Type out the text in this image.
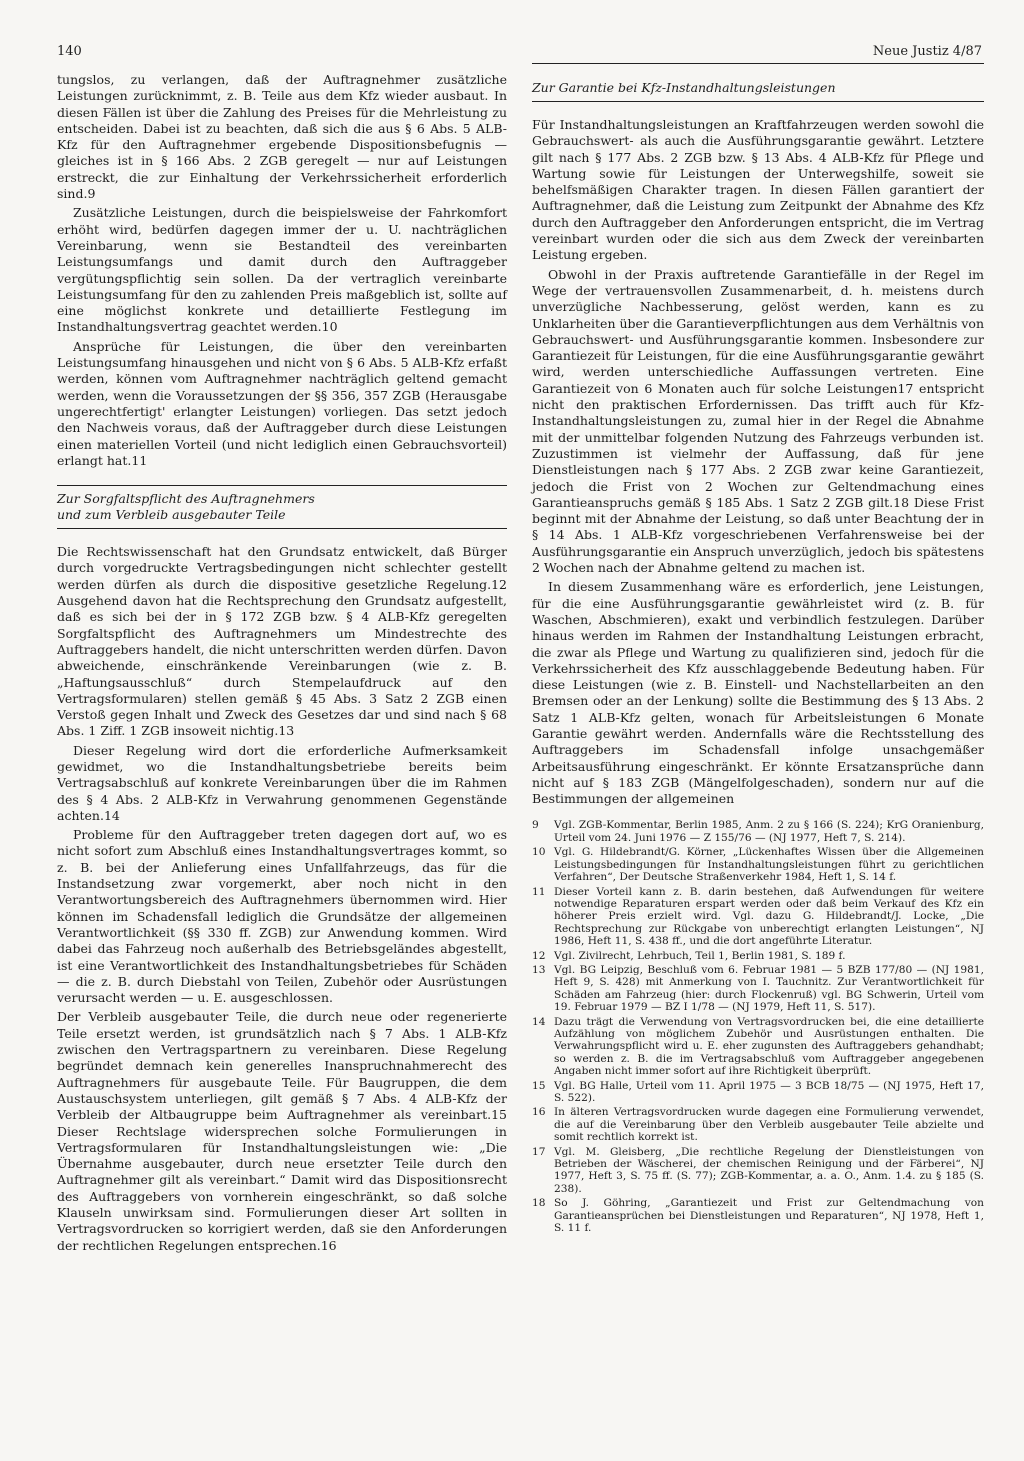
140	Neue Justiz 4/87

tungslos, zu verlangen, daß der Auftragnehmer zusätzliche Leistungen zurücknimmt, z. B. Teile aus dem Kfz wieder ausbaut. In diesen Fällen ist über die Zahlung des Preises für die Mehrleistung zu entscheiden. Dabei ist zu beachten, daß sich die aus § 6 Abs. 5 ALB-Kfz für den Auftragnehmer ergebende Dispositionsbefugnis — gleiches ist in § 166 Abs. 2 ZGB geregelt — nur auf Leistungen erstreckt, die zur Einhaltung der Verkehrssicherheit erforderlich sind.9

Zusätzliche Leistungen, durch die beispielsweise der Fahrkomfort erhöht wird, bedürfen dagegen immer der u. U. nachträglichen Vereinbarung, wenn sie Bestandteil des vereinbarten Leistungsumfangs und damit durch den Auftraggeber vergütungspflichtig sein sollen. Da der vertraglich vereinbarte Leistungsumfang für den zu zahlenden Preis maßgeblich ist, sollte auf eine möglichst konkrete und detaillierte Festlegung im Instandhaltungsvertrag geachtet werden.10

Ansprüche für Leistungen, die über den vereinbarten Leistungsumfang hinausgehen und nicht von § 6 Abs. 5 ALB-Kfz erfaßt werden, können vom Auftragnehmer nachträglich geltend gemacht werden, wenn die Voraussetzungen der §§ 356, 357 ZGB (Herausgabe ungerechtfertigt' erlangter Leistungen) vorliegen. Das setzt jedoch den Nachweis voraus, daß der Auftraggeber durch diese Leistungen einen materiellen Vorteil (und nicht lediglich einen Gebrauchsvorteil) erlangt hat.11

Zur Sorgfaltspflicht des Auftragnehmers
und zum Verbleib ausgebauter Teile

Die Rechtswissenschaft hat den Grundsatz entwickelt, daß Bürger durch vorgedruckte Vertragsbedingungen nicht schlechter gestellt werden dürfen als durch die dispositive gesetzliche Regelung.12 Ausgehend davon hat die Rechtsprechung den Grundsatz aufgestellt, daß es sich bei der in § 172 ZGB bzw. § 4 ALB-Kfz geregelten Sorgfaltspflicht des Auftragnehmers um Mindestrechte des Auftraggebers handelt, die nicht unterschritten werden dürfen. Davon abweichende, einschränkende Vereinbarungen (wie z. B. „Haftungsausschluß“ durch Stempelaufdruck auf den Vertragsformularen) stellen gemäß § 45 Abs. 3 Satz 2 ZGB einen Verstoß gegen Inhalt und Zweck des Gesetzes dar und sind nach § 68 Abs. 1 Ziff. 1 ZGB insoweit nichtig.13

Dieser Regelung wird dort die erforderliche Aufmerksamkeit gewidmet, wo die Instandhaltungsbetriebe bereits beim Vertragsabschluß auf konkrete Vereinbarungen über die im Rahmen des § 4 Abs. 2 ALB-Kfz in Verwahrung genommenen Gegenstände achten.14

Probleme für den Auftraggeber treten dagegen dort auf, wo es nicht sofort zum Abschluß eines Instandhaltungsvertrages kommt, so z. B. bei der Anlieferung eines Unfallfahrzeugs, das für die Instandsetzung zwar vorgemerkt, aber noch nicht in den Verantwortungsbereich des Auftragnehmers übernommen wird. Hier können im Schadensfall lediglich die Grundsätze der allgemeinen Verantwortlichkeit (§§ 330 ff. ZGB) zur Anwendung kommen. Wird dabei das Fahrzeug noch außerhalb des Betriebsgeländes abgestellt, ist eine Verantwortlichkeit des Instandhaltungsbetriebes für Schäden — die z. B. durch Diebstahl von Teilen, Zubehör oder Ausrüstungen verursacht werden — u. E. ausgeschlossen.

Der Verbleib ausgebauter Teile, die durch neue oder regenerierte Teile ersetzt werden, ist grundsätzlich nach § 7 Abs. 1 ALB-Kfz zwischen den Vertragspartnern zu vereinbaren. Diese Regelung begründet demnach kein generelles Inanspruchnahmerecht des Auftragnehmers für ausgebaute Teile. Für Baugruppen, die dem Austauschsystem unterliegen, gilt gemäß § 7 Abs. 4 ALB-Kfz der Verbleib der Altbaugruppe beim Auftragnehmer als vereinbart.15 Dieser Rechtslage widersprechen solche Formulierungen in Vertragsformularen für Instandhaltungsleistungen wie: „Die Übernahme ausgebauter, durch neue ersetzter Teile durch den Auftragnehmer gilt als vereinbart.“ Damit wird das Dispositionsrecht des Auftraggebers von vornherein eingeschränkt, so daß solche Klauseln unwirksam sind. Formulierungen dieser Art sollten in Vertragsvordrucken so korrigiert werden, daß sie den Anforderungen der rechtlichen Regelungen entsprechen.16

Zur Garantie bei Kfz-Instandhaltungsleistungen

Für Instandhaltungsleistungen an Kraftfahrzeugen werden sowohl die Gebrauchswert- als auch die Ausführungsgarantie gewährt. Letztere gilt nach § 177 Abs. 2 ZGB bzw. § 13 Abs. 4 ALB-Kfz für Pflege und Wartung sowie für Leistungen der Unterwegshilfe, soweit sie behelfsmäßigen Charakter tragen. In diesen Fällen garantiert der Auftragnehmer, daß die Leistung zum Zeitpunkt der Abnahme des Kfz durch den Auftraggeber den Anforderungen entspricht, die im Vertrag vereinbart wurden oder die sich aus dem Zweck der vereinbarten Leistung ergeben.

Obwohl in der Praxis auftretende Garantiefälle in der Regel im Wege der vertrauensvollen Zusammenarbeit, d. h. meistens durch unverzügliche Nachbesserung, gelöst werden, kann es zu Unklarheiten über die Garantieverpflichtungen aus dem Verhältnis von Gebrauchswert- und Ausführungsgarantie kommen. Insbesondere zur Garantiezeit für Leistungen, für die eine Ausführungsgarantie gewährt wird, werden unterschiedliche Auffassungen vertreten. Eine Garantiezeit von 6 Monaten auch für solche Leistungen17 entspricht nicht den praktischen Erfordernissen. Das trifft auch für Kfz-Instandhaltungsleistungen zu, zumal hier in der Regel die Abnahme mit der unmittelbar folgenden Nutzung des Fahrzeugs verbunden ist. Zuzustimmen ist vielmehr der Auffassung, daß für jene Dienstleistungen nach § 177 Abs. 2 ZGB zwar keine Garantiezeit, jedoch die Frist von 2 Wochen zur Geltendmachung eines Garantieanspruchs gemäß § 185 Abs. 1 Satz 2 ZGB gilt.18 Diese Frist beginnt mit der Abnahme der Leistung, so daß unter Beachtung der in § 14 Abs. 1 ALB-Kfz vorgeschriebenen Verfahrensweise bei der Ausführungsgarantie ein Anspruch unverzüglich, jedoch bis spätestens 2 Wochen nach der Abnahme geltend zu machen ist.

In diesem Zusammenhang wäre es erforderlich, jene Leistungen, für die eine Ausführungsgarantie gewährleistet wird (z. B. für Waschen, Abschmieren), exakt und verbindlich festzulegen. Darüber hinaus werden im Rahmen der Instandhaltung Leistungen erbracht, die zwar als Pflege und Wartung zu qualifizieren sind, jedoch für die Verkehrssicherheit des Kfz ausschlaggebende Bedeutung haben. Für diese Leistungen (wie z. B. Einstell- und Nachstellarbeiten an den Bremsen oder an der Lenkung) sollte die Bestimmung des § 13 Abs. 2 Satz 1 ALB-Kfz gelten, wonach für Arbeitsleistungen 6 Monate Garantie gewährt werden. Andernfalls wäre die Rechtsstellung des Auftraggebers im Schadensfall infolge unsachgemäßer Arbeitsausführung eingeschränkt. Er könnte Ersatzansprüche dann nicht auf § 183 ZGB (Mängelfolgeschaden), sondern nur auf die Bestimmungen der allgemeinen

9	Vgl. ZGB-Kommentar, Berlin 1985, Anm. 2 zu § 166 (S. 224); KrG Oranienburg, Urteil vom 24. Juni 1976 — Z 155/76 — (NJ 1977, Heft 7, S. 214).
10 Vgl. G. Hildebrandt/G. Körner, „Lückenhaftes Wissen über die Allgemeinen Leistungsbedingungen für Instandhaltungsleistungen führt zu gerichtlichen Verfahren“, Der Deutsche Straßenverkehr 1984, Heft 1, S. 14 f.
11 Dieser Vorteil kann z. B. darin bestehen, daß Aufwendungen für weitere notwendige Reparaturen erspart werden oder daß beim Verkauf des Kfz ein höherer Preis erzielt wird. Vgl. dazu G. Hildebrandt/J. Locke, „Die Rechtsprechung zur Rückgabe von unberechtigt erlangten Leistungen“, NJ 1986, Heft 11, S. 438 ff., und die dort angeführte Literatur.
12 Vgl. Zivilrecht, Lehrbuch, Teil 1, Berlin 1981, S. 189 f.
13 Vgl. BG Leipzig, Beschluß vom 6. Februar 1981 — 5 BZB 177/80 — (NJ 1981, Heft 9, S. 428) mit Anmerkung von I. Tauchnitz. Zur Verantwortlichkeit für Schäden am Fahrzeug (hier: durch Flockenruß) vgl. BG Schwerin, Urteil vom 19. Februar 1979 — BZ I 1/78 — (NJ 1979, Heft 11, S. 517).
14 Dazu trägt die Verwendung von Vertragsvordrucken bei, die eine detaillierte Aufzählung von möglichem Zubehör und Ausrüstungen enthalten. Die Verwahrungspflicht wird u. E. eher zugunsten des Auftraggebers gehandhabt; so werden z. B. die im Vertragsabschluß vom Auftraggeber angegebenen Angaben nicht immer sofort auf ihre Richtigkeit überprüft.
15 Vgl. BG Halle, Urteil vom 11. April 1975 — 3 BCB 18/75 — (NJ 1975, Heft 17, S. 522).
16 In älteren Vertragsvordrucken wurde dagegen eine Formulierung verwendet, die auf die Vereinbarung über den Verbleib ausgebauter Teile abzielte und somit rechtlich korrekt ist.
17 Vgl. M. Gleisberg, „Die rechtliche Regelung der Dienstleistungen von Betrieben der Wäscherei, der chemischen Reinigung und der Färberei“, NJ 1977, Heft 3, S. 75 ff. (S. 77); ZGB-Kommentar, a. a. O., Anm. 1.4. zu § 185 (S. 238).
18 So J. Göhring, „Garantiezeit und Frist zur Geltendmachung von Garantieansprüchen bei Dienstleistungen und Reparaturen“, NJ 1978, Heft 1, S. 11 f.
